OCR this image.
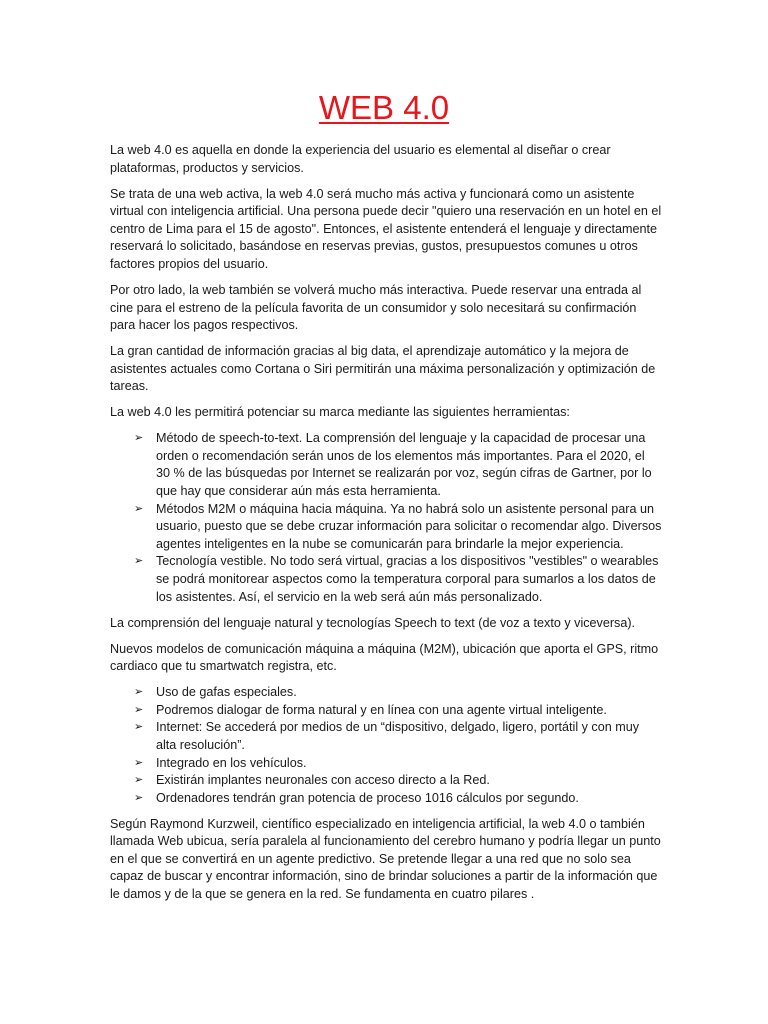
WEB 4.0

La web 4.0 es aquella en donde la experiencia del usuario es elemental al diseñar o crear plataformas, productos y servicios.

Se trata de una web activa, la web 4.0 será mucho más activa y funcionará como un asistente virtual con inteligencia artificial. Una persona puede decir "quiero una reservación en un hotel en el centro de Lima para el 15 de agosto". Entonces, el asistente entenderá el lenguaje y directamente reservará lo solicitado, basándose en reservas previas, gustos, presupuestos comunes u otros factores propios del usuario.

Por otro lado, la web también se volverá mucho más interactiva. Puede reservar una entrada al cine para el estreno de la película favorita de un consumidor y solo necesitará su confirmación para hacer los pagos respectivos.

La gran cantidad de información gracias al big data, el aprendizaje automático y la mejora de asistentes actuales como Cortana o Siri permitirán una máxima personalización y optimización de tareas.

La web 4.0 les permitirá potenciar su marca mediante las siguientes herramientas:

➢ Método de speech-to-text. La comprensión del lenguaje y la capacidad de procesar una orden o recomendación serán unos de los elementos más importantes. Para el 2020, el 30 % de las búsquedas por Internet se realizarán por voz, según cifras de Gartner, por lo que hay que considerar aún más esta herramienta.
➢ Métodos M2M o máquina hacia máquina. Ya no habrá solo un asistente personal para un usuario, puesto que se debe cruzar información para solicitar o recomendar algo. Diversos agentes inteligentes en la nube se comunicarán para brindarle la mejor experiencia.
➢ Tecnología vestible. No todo será virtual, gracias a los dispositivos "vestibles" o wearables se podrá monitorear aspectos como la temperatura corporal para sumarlos a los datos de los asistentes. Así, el servicio en la web será aún más personalizado.

La comprensión del lenguaje natural y tecnologías Speech to text (de voz a texto y viceversa).

Nuevos modelos de comunicación máquina a máquina (M2M), ubicación que aporta el GPS, ritmo cardiaco que tu smartwatch registra, etc.

➢ Uso de gafas especiales.
➢ Podremos dialogar de forma natural y en línea con una agente virtual inteligente.
➢ Internet: Se accederá por medios de un “dispositivo, delgado, ligero, portátil y con muy alta resolución”.
➢ Integrado en los vehículos.
➢ Existirán implantes neuronales con acceso directo a la Red.
➢ Ordenadores tendrán gran potencia de proceso 1016 cálculos por segundo.

Según Raymond Kurzweil, científico especializado en inteligencia artificial, la web 4.0 o también llamada Web ubicua, sería paralela al funcionamiento del cerebro humano y podría llegar un punto en el que se convertirá en un agente predictivo. Se pretende llegar a una red que no solo sea capaz de buscar y encontrar información, sino de brindar soluciones a partir de la información que le damos y de la que se genera en la red. Se fundamenta en cuatro pilares .
